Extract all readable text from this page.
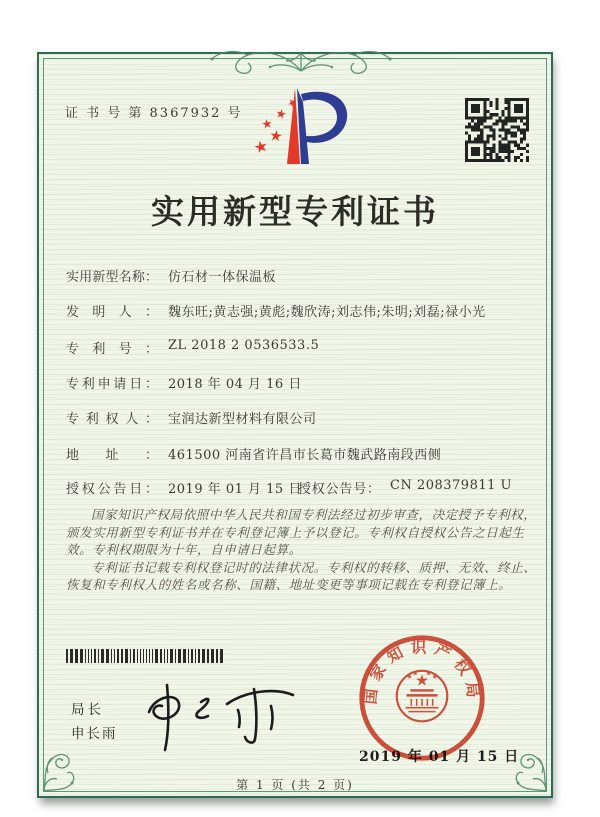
证 书 号 第 8367932 号
实用新型专利证书
实用新型名称： 仿石材一体保温板
发明人： 魏东旺;黄志强;黄彪;魏欣涛;刘志伟;朱明;刘磊;禄小光
专利号： ZL 2018 2 0536533.5
专利申请日： 2018 年 04 月 16 日
专利权人： 宝润达新型材料有限公司
地址： 461500 河南省许昌市长葛市魏武路南段西侧
授权公告日： 2019 年 01 月 15 日
授权公告号： CN 208379811 U

国家知识产权局依照中华人民共和国专利法经过初步审查，决定授予专利权，颁发实用新型专利证书并在专利登记簿上予以登记。专利权自授权公告之日起生效。专利权期限为十年，自申请日起算。

专利证书记载专利权登记时的法律状况。专利权的转移、质押、无效、终止、恢复和专利权人的姓名或名称、国籍、地址变更等事项记载在专利登记簿上。

局长
申长雨
2019 年 01 月 15 日
国家知识产权局
第 1 页 (共 2 页)
